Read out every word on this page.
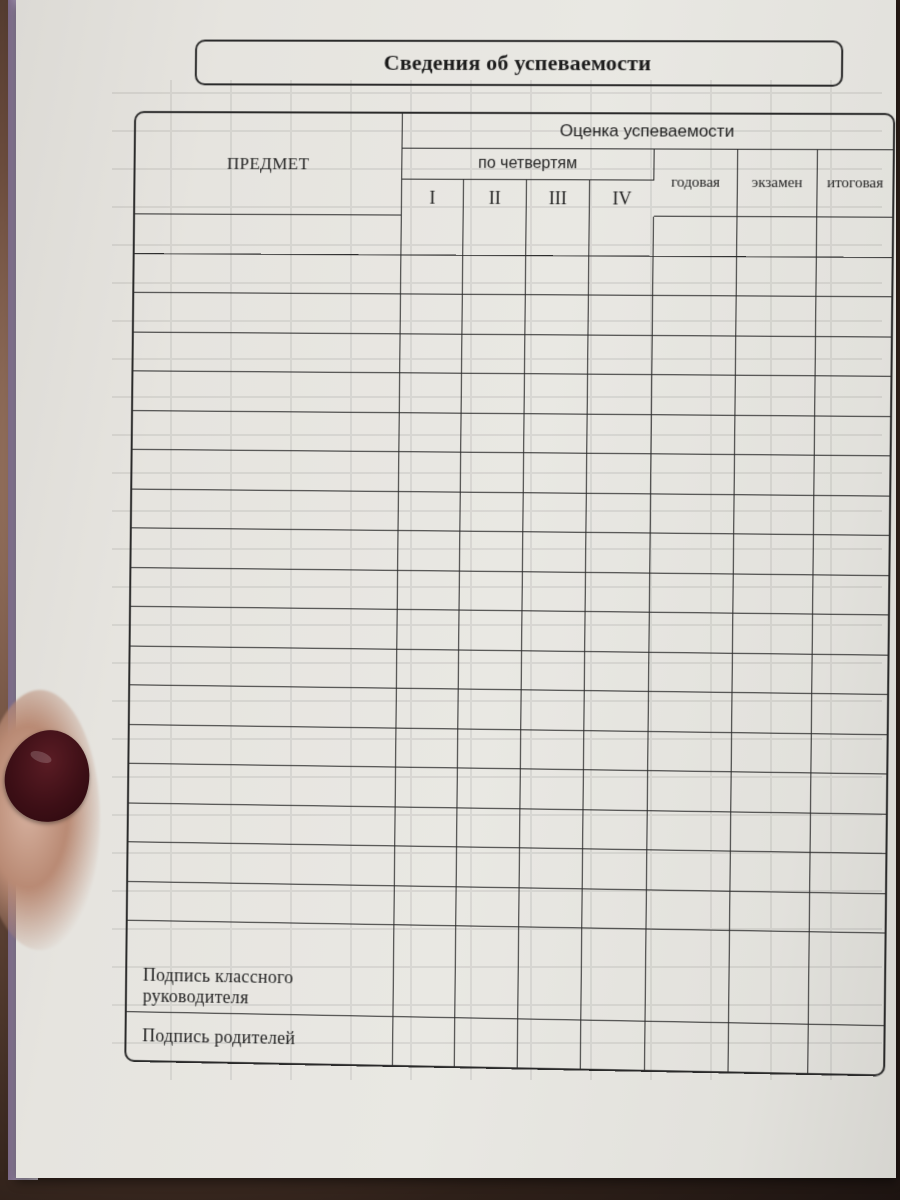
Сведения об успеваемости
ПРЕДМЕТ	Оценка успеваемости						
	по четвертям				годовая	экзамен	итоговая
	I	II	III	IV			

Подпись классного
руководителя							
Подпись родителей							
